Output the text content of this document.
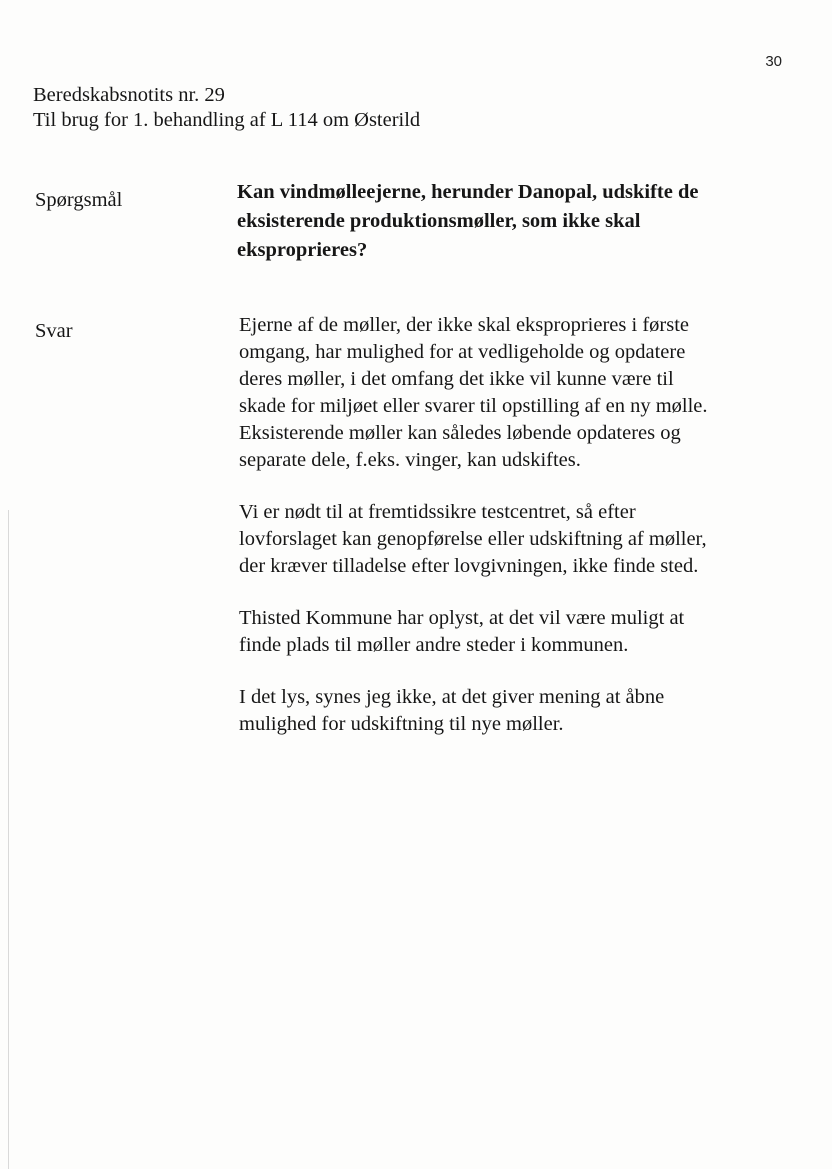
30
Beredskabsnotits nr. 29
Til brug for 1. behandling af L 114 om Østerild
Spørgsmål	Kan vindmølleejerne, herunder Danopal, udskifte de eksisterende produktionsmøller, som ikke skal eksproprieres?
Svar	Ejerne af de møller, der ikke skal eksproprieres i første omgang, har mulighed for at vedligeholde og opdatere deres møller, i det omfang det ikke vil kunne være til skade for miljøet eller svarer til opstilling af en ny mølle. Eksisterende møller kan således løbende opdateres og separate dele, f.eks. vinger, kan udskiftes.

Vi er nødt til at fremtidssikre testcentret, så efter lovforslaget kan genopførelse eller udskiftning af møller, der kræver tilladelse efter lovgivningen, ikke finde sted.

Thisted Kommune har oplyst, at det vil være muligt at finde plads til møller andre steder i kommunen.

I det lys, synes jeg ikke, at det giver mening at åbne mulighed for udskiftning til nye møller.
